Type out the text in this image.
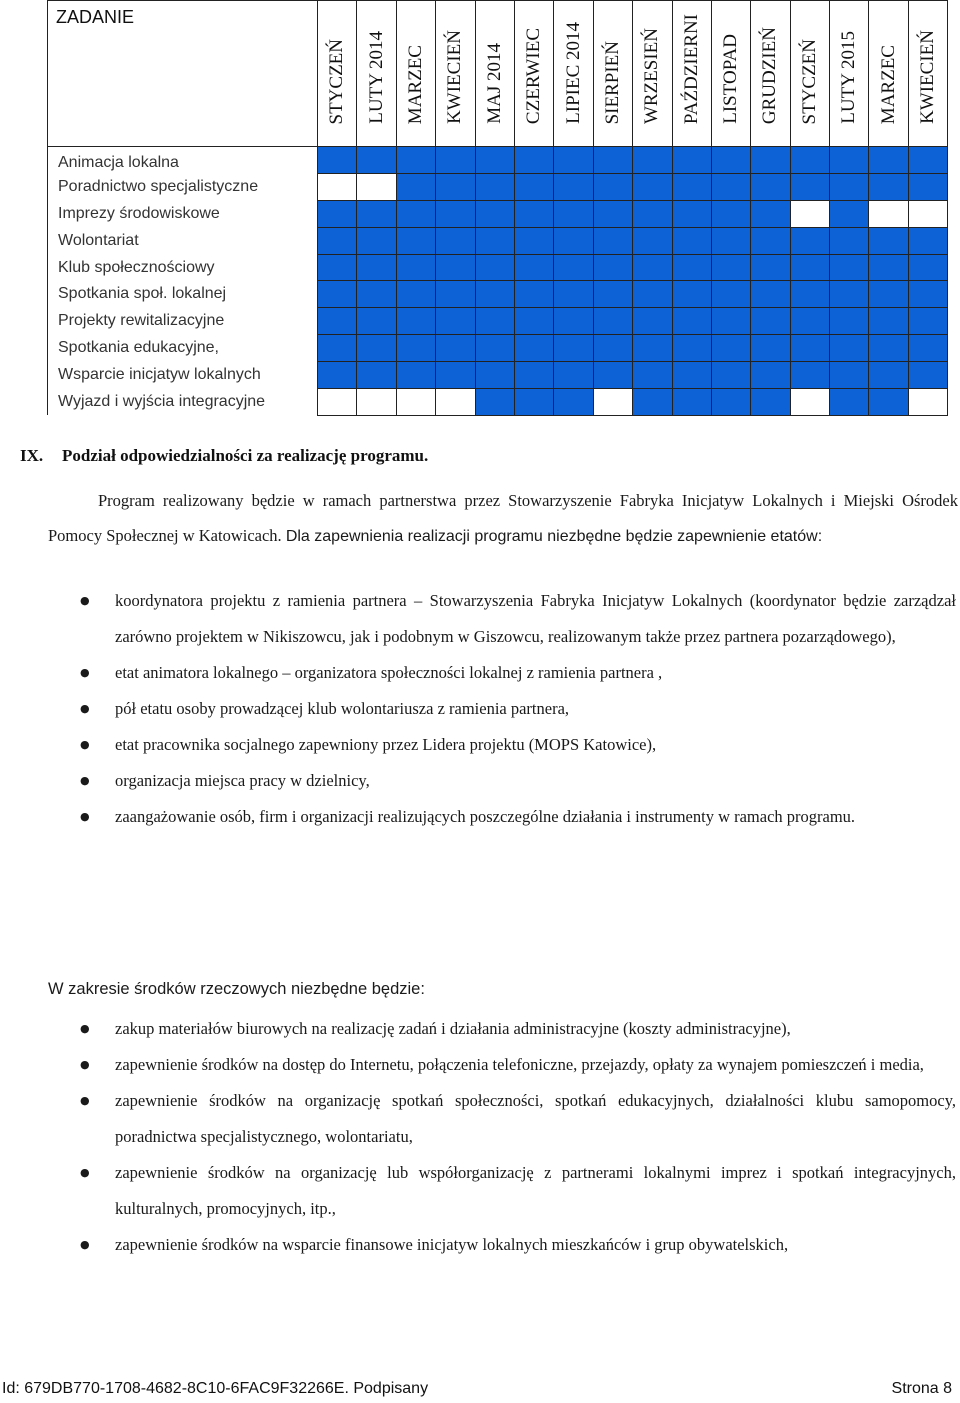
ZADANIE	STYCZEŃ	LUTY 2014	MARZEC	KWIECIEŃ	MAJ 2014	CZERWIEC	LIPIEC 2014	SIERPIEŃ	WRZESIEŃ	PAŹDZIERNI	LISTOPAD	GRUDZIEŃ	STYCZEŃ	LUTY 2015	MARZEC	KWIECIEŃ

Animacja lokalna																
Poradnictwo specjalistyczne																
Imprezy środowiskowe																
Wolontariat																
Klub społecznościowy																
Spotkania społ. lokalnej																
Projekty rewitalizacyjne																
Spotkania edukacyjne,																
Wsparcie inicjatyw lokalnych																
Wyjazd i wyjścia integracyjne																
IX. Podział odpowiedzialności za realizację programu.
Program realizowany będzie w ramach partnerstwa przez Stowarzyszenie Fabryka Inicjatyw Lokalnych i Miejski Ośrodek Pomocy Społecznej w Katowicach. Dla zapewnienia realizacji programu niezbędne będzie zapewnienie etatów:
● koordynatora projektu z ramienia partnera – Stowarzyszenia Fabryka Inicjatyw Lokalnych (koordynator będzie zarządzał zarówno projektem w Nikiszowcu, jak i podobnym w Giszowcu, realizowanym także przez partnera pozarządowego),
● etat animatora lokalnego – organizatora społeczności lokalnej z ramienia partnera ,
● pół etatu osoby prowadzącej klub wolontariusza z ramienia partnera,
● etat pracownika socjalnego zapewniony przez Lidera projektu (MOPS Katowice),
● organizacja miejsca pracy w dzielnicy,
● zaangażowanie osób, firm i organizacji realizujących poszczególne działania i instrumenty w ramach programu.
W zakresie środków rzeczowych niezbędne będzie:
● zakup materiałów biurowych na realizację zadań i działania administracyjne (koszty administracyjne),
● zapewnienie środków na dostęp do Internetu, połączenia telefoniczne, przejazdy, opłaty za wynajem pomieszczeń i media,
● zapewnienie środków na organizację spotkań społeczności, spotkań edukacyjnych, działalności klubu samopomocy, poradnictwa specjalistycznego, wolontariatu,
● zapewnienie środków na organizację lub współorganizację z partnerami lokalnymi imprez i spotkań integracyjnych, kulturalnych, promocyjnych, itp.,
● zapewnienie środków na wsparcie finansowe inicjatyw lokalnych mieszkańców i grup obywatelskich,
Id: 679DB770-1708-4682-8C10-6FAC9F32266E. Podpisany	Strona 8
